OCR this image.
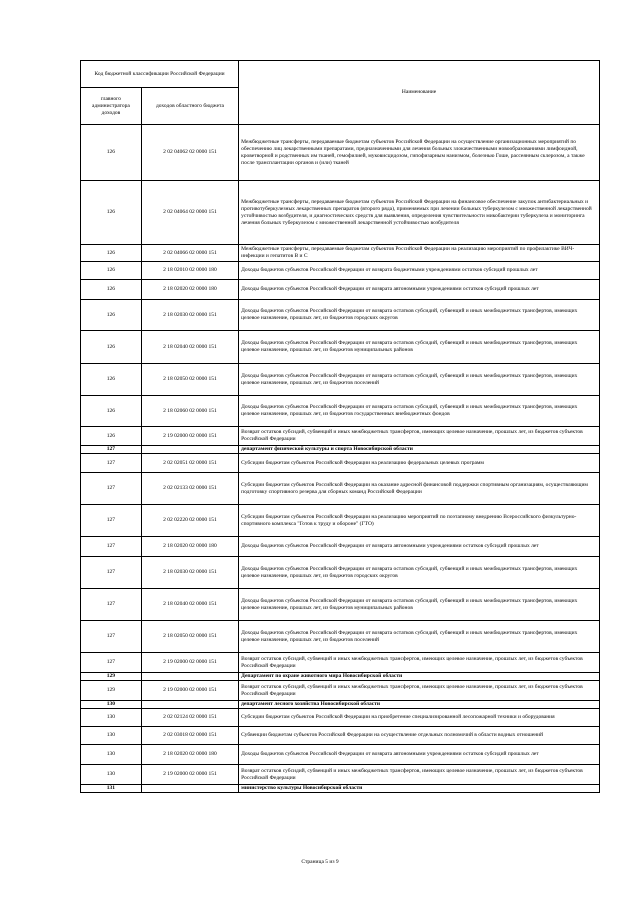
Код бюджетной классификации Российской Федерации		Наименование
главного администратора доходов	доходов областного бюджета	
126	2 02 04062 02 0000 151	Межбюджетные трансферты, передаваемые бюджетам субъектов Российской Федерации на осуществление организационных мероприятий по обеспечению лиц лекарственными препаратами, предназначенными для лечения больных злокачественными новообразованиями лимфоидной, кроветворной и родственных им тканей, гемофилией, муковисцидозом, гипофизарным нанизмом, болезнью Гоше, рассеянным склерозом, а также после трансплантации органов и (или) тканей
126	2 02 04064 02 0000 151	Межбюджетные трансферты, передаваемые бюджетам субъектов Российской Федерации на финансовое обеспечение закупок антибактериальных и противотуберкулезных лекарственных препаратов (второго ряда), применяемых при лечении больных туберкулезом с множественной лекарственной устойчивостью возбудителя, и диагностических средств для выявления, определения чувствительности микобактерии туберкулеза и мониторинга лечения больных туберкулезом с множественной лекарственной устойчивостью возбудителя
126	2 02 04066 02 0000 151	Межбюджетные трансферты, передаваемые бюджетам субъектов Российской Федерации на реализацию мероприятий по профилактике ВИЧ-инфекции и гепатитов B и C
126	2 18 02010 02 0000 180	Доходы бюджетов субъектов Российской Федерации от возврата бюджетными учреждениями остатков субсидий прошлых лет
126	2 18 02020 02 0000 180	Доходы бюджетов субъектов Российской Федерации от возврата автономными учреждениями остатков субсидий прошлых лет
126	2 18 02030 02 0000 151	Доходы бюджетов субъектов Российской Федерации от возврата остатков субсидий, субвенций и иных межбюджетных трансфертов, имеющих целевое назначение, прошлых лет, из бюджетов городских округов
126	2 18 02040 02 0000 151	Доходы бюджетов субъектов Российской Федерации от возврата остатков субсидий, субвенций и иных межбюджетных трансфертов, имеющих целевое назначение, прошлых лет, из бюджетов муниципальных районов
126	2 18 02050 02 0000 151	Доходы бюджетов субъектов Российской Федерации от возврата остатков субсидий, субвенций и иных межбюджетных трансфертов, имеющих целевое назначение, прошлых лет, из бюджетов поселений
126	2 18 02060 02 0000 151	Доходы бюджетов субъектов Российской Федерации от возврата остатков субсидий, субвенций и иных межбюджетных трансфертов, имеющих целевое назначение, прошлых лет, из бюджетов государственных внебюджетных фондов
126	2 19 02000 02 0000 151	Возврат остатков субсидий, субвенций и иных межбюджетных трансфертов, имеющих целевое назначение, прошлых лет, из бюджетов субъектов Российской Федерации
127		департамент физической культуры и спорта Новосибирской области
127	2 02 02051 02 0000 151	Субсидии бюджетам субъектов Российской Федерации на реализацию федеральных целевых программ
127	2 02 02133 02 0000 151	Субсидии бюджетам субъектов Российской Федерации на оказание адресной финансовой поддержки спортивным организациям, осуществляющим подготовку спортивного резерва для сборных команд Российской Федерации
127	2 02 02220 02 0000 151	Субсидии бюджетам субъектов Российской Федерации на реализацию мероприятий по поэтапному внедрению Всероссийского физкультурно-спортивного комплекса "Готов к труду и обороне" (ГТО)
127	2 18 02020 02 0000 180	Доходы бюджетов субъектов Российской Федерации от возврата автономными учреждениями остатков субсидий прошлых лет
127	2 18 02030 02 0000 151	Доходы бюджетов субъектов Российской Федерации от возврата остатков субсидий, субвенций и иных межбюджетных трансфертов, имеющих целевое назначение, прошлых лет, из бюджетов городских округов
127	2 18 02040 02 0000 151	Доходы бюджетов субъектов Российской Федерации от возврата остатков субсидий, субвенций и иных межбюджетных трансфертов, имеющих целевое назначение, прошлых лет, из бюджетов муниципальных районов
127	2 18 02050 02 0000 151	Доходы бюджетов субъектов Российской Федерации от возврата остатков субсидий, субвенций и иных межбюджетных трансфертов, имеющих целевое назначение, прошлых лет, из бюджетов поселений
127	2 19 02000 02 0000 151	Возврат остатков субсидий, субвенций и иных межбюджетных трансфертов, имеющих целевое назначение, прошлых лет, из бюджетов субъектов Российской Федерации
129		Департамент по охране животного мира Новосибирской области
129	2 19 02000 02 0000 151	Возврат остатков субсидий, субвенций и иных межбюджетных трансфертов, имеющих целевое назначение, прошлых лет, из бюджетов субъектов Российской Федерации
130		департамент лесного хозяйства Новосибирской области
130	2 02 02124 02 0000 151	Субсидии бюджетам субъектов Российской Федерации на приобретение специализированной лесопожарной техники и оборудования
130	2 02 03018 02 0000 151	Субвенции бюджетам субъектов Российской Федерации на осуществление отдельных полномочий в области водных отношений
130	2 18 02020 02 0000 180	Доходы бюджетов субъектов Российской Федерации от возврата автономными учреждениями остатков субсидий прошлых лет
130	2 19 02000 02 0000 151	Возврат остатков субсидий, субвенций и иных межбюджетных трансфертов, имеющих целевое назначение, прошлых лет, из бюджетов субъектов Российской Федерации
131		министерство культуры Новосибирской области
Страница 5 из 9
